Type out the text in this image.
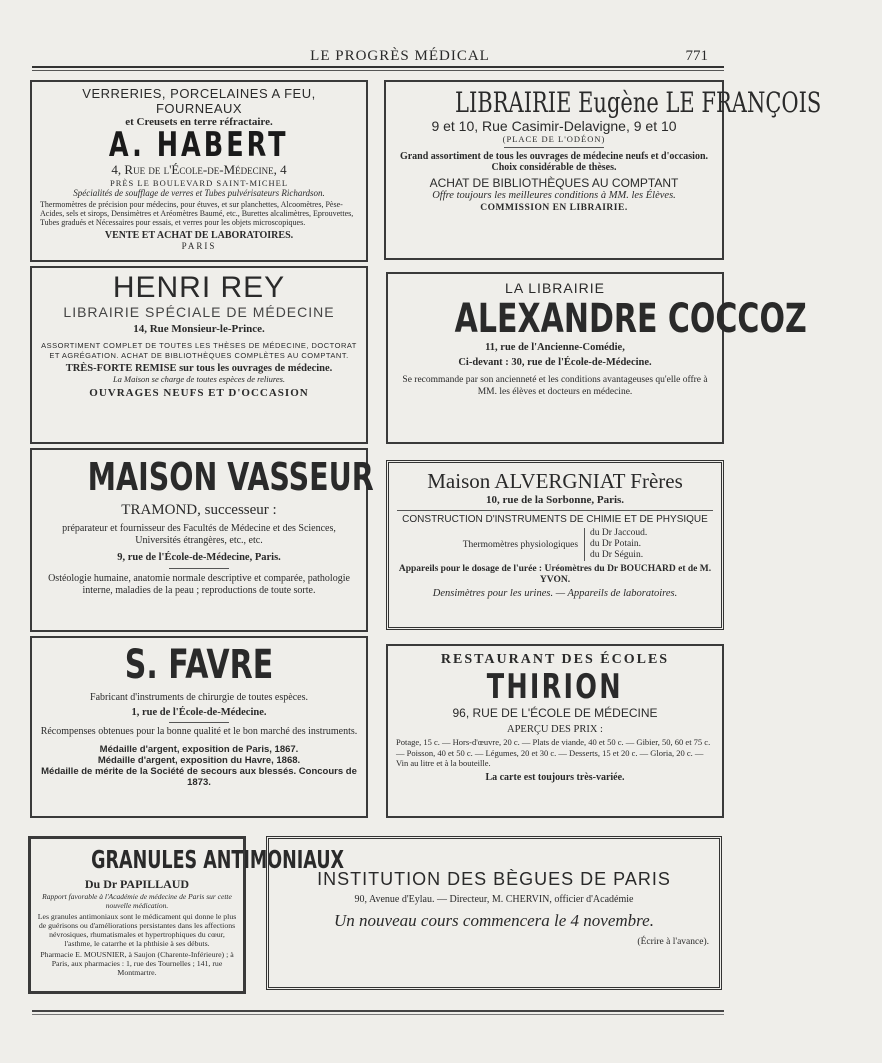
LE PROGRÈS MÉDICAL	771
VERRERIES, PORCELAINES A FEU, FOURNEAUX
et Creusets en terre réfractaire.
A. HABERT
4, Rue de l'École-de-Médecine, 4
PRÈS LE BOULEVARD SAINT-MICHEL
Spécialités de soufflage de verres et Tubes pulvérisateurs Richardson.
Thermomètres de précision pour médecins, pour étuves, et sur planchettes, Alcoomètres, Pèse-Acides, sels et sirops, Densimètres et Aréomètres Baumé, etc., Burettes alcalimètres, Eprouvettes, Tubes gradués et Nécessaires pour essais, et verres pour les objets microscopiques.
VENTE ET ACHAT DE LABORATOIRES.
PARIS
HENRI REY
LIBRAIRIE SPÉCIALE DE MÉDECINE
14, Rue Monsieur-le-Prince.
ASSORTIMENT COMPLET DE TOUTES LES THÈSES DE MÉDECINE, DOCTORAT ET AGRÉGATION. ACHAT DE BIBLIOTHÈQUES COMPLÈTES AU COMPTANT.
TRÈS-FORTE REMISE sur tous les ouvrages de médecine.
La Maison se charge de toutes espèces de reliures.
OUVRAGES NEUFS ET D'OCCASION
MAISON VASSEUR
TRAMOND, successeur :
préparateur et fournisseur des Facultés de Médecine et des Sciences, Universités étrangères, etc., etc.
9, rue de l'École-de-Médecine, Paris.
Ostéologie humaine, anatomie normale descriptive et comparée, pathologie interne, maladies de la peau ; reproductions de toute sorte.
S. FAVRE
Fabricant d'instruments de chirurgie de toutes espèces.
1, rue de l'École-de-Médecine.
Récompenses obtenues pour la bonne qualité et le bon marché des instruments.
Médaille d'argent, exposition de Paris, 1867.
Médaille d'argent, exposition du Havre, 1868.
Médaille de mérite de la Société de secours aux blessés. Concours de 1873.
LIBRAIRIE Eugène LE FRANÇOIS
9 et 10, Rue Casimir-Delavigne, 9 et 10
(PLACE DE L'ODÉON)
Grand assortiment de tous les ouvrages de médecine neufs et d'occasion.
Choix considérable de thèses.
ACHAT DE BIBLIOTHÈQUES AU COMPTANT
Offre toujours les meilleures conditions à MM. les Élèves.
COMMISSION EN LIBRAIRIE.
LA LIBRAIRIE
ALEXANDRE COCCOZ
11, rue de l'Ancienne-Comédie,
Ci-devant : 30, rue de l'École-de-Médecine.
Se recommande par son ancienneté et les conditions avantageuses qu'elle offre à MM. les élèves et docteurs en médecine.
Maison ALVERGNIAT Frères
10, rue de la Sorbonne, Paris.
CONSTRUCTION D'INSTRUMENTS DE CHIMIE ET DE PHYSIQUE
Thermomètres physiologiques
du Dr Jaccoud.
du Dr Potain.
du Dr Séguin.
Appareils pour le dosage de l'urée : Uréomètres du Dr BOUCHARD et de M. YVON.
Densimètres pour les urines. — Appareils de laboratoires.
RESTAURANT DES ÉCOLES
THIRION
96, RUE DE L'ÉCOLE DE MÉDECINE
APERÇU DES PRIX :
Potage, 15 c. — Hors-d'œuvre, 20 c. — Plats de viande, 40 et 50 c. — Gibier, 50, 60 et 75 c. — Poisson, 40 et 50 c. — Légumes, 20 et 30 c. — Desserts, 15 et 20 c. — Gloria, 20 c. — Vin au litre et à la bouteille.
La carte est toujours très-variée.
GRANULES ANTIMONIAUX
Du Dr PAPILLAUD
Rapport favorable à l'Académie de médecine de Paris sur cette nouvelle médication.
Les granules antimoniaux sont le médicament qui donne le plus de guérisons ou d'améliorations persistantes dans les affections névrosiques, rhumatismales et hypertrophiques du cœur, l'asthme, le catarrhe et la phthisie à ses débuts.
Pharmacie E. MOUSNIER, à Saujon (Charente-Inférieure) ; à Paris, aux pharmacies : 1, rue des Tournelles ; 141, rue Montmartre.
INSTITUTION DES BÈGUES DE PARIS
90, Avenue d'Eylau. — Directeur, M. CHERVIN, officier d'Académie
Un nouveau cours commencera le 4 novembre.
(Écrire à l'avance).
